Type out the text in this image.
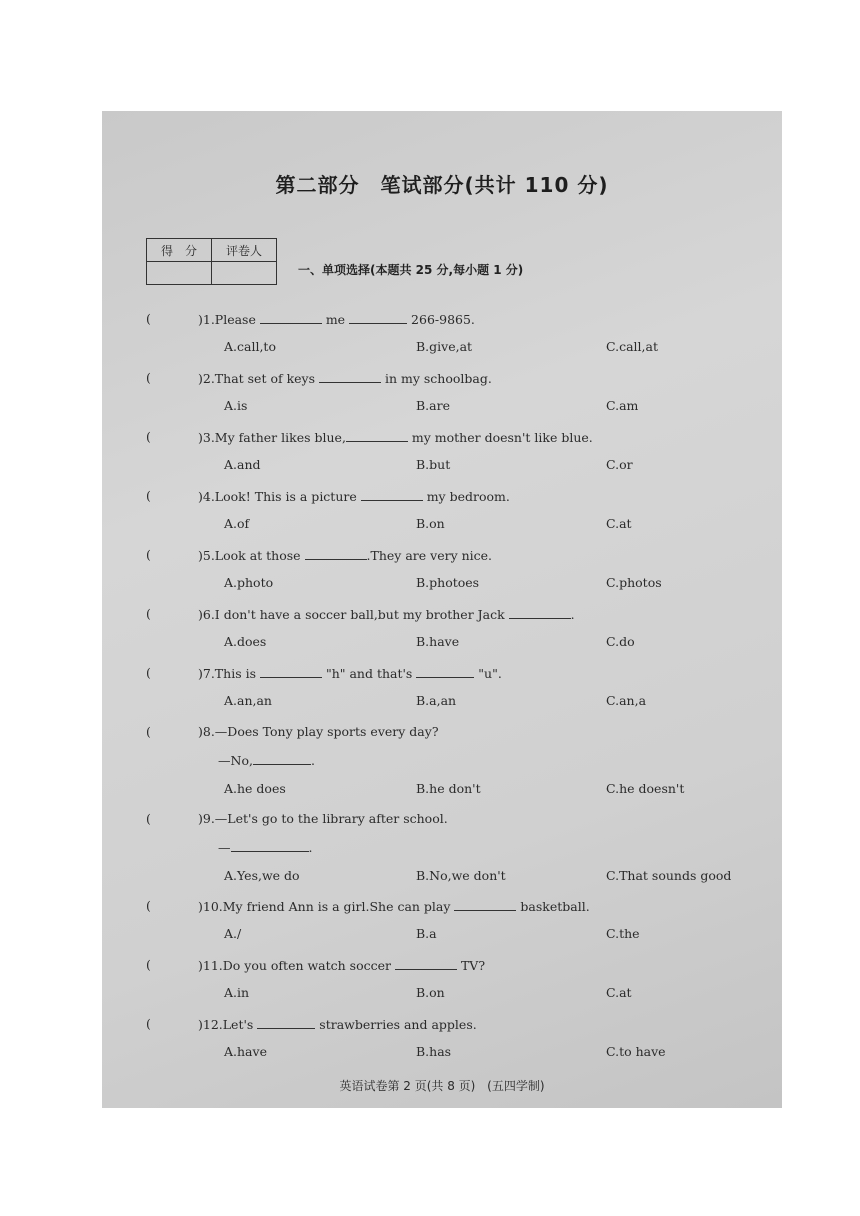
第二部分　笔试部分(共计 110 分)
得　分	评卷人

一、单项选择(本题共 25 分,每小题 1 分)
(	)1.Please	me	266-9865.
A.call,to	B.give,at	C.call,at
(	)2.That set of keys	in my schoolbag.
A.is	B.are	C.am
(	)3.My father likes blue,	my mother doesn't like blue.
A.and	B.but	C.or
(	)4.Look! This is a picture	my bedroom.
A.of	B.on	C.at
(	)5.Look at those	.They are very nice.
A.photo	B.photoes	C.photos
(	)6.I don't have a soccer ball,but my brother Jack	.
A.does	B.have	C.do
(	)7.This is	"h" and that's	"u".
A.an,an	B.a,an	C.an,a
(	)8.—Does Tony play sports every day?
—No,	.
A.he does	B.he don't	C.he doesn't
(	)9.—Let's go to the library after school.
—	.
A.Yes,we do	B.No,we don't	C.That sounds good
(	)10.My friend Ann is a girl.She can play	basketball.
A./	B.a	C.the
(	)11.Do you often watch soccer	TV?
A.in	B.on	C.at
(	)12.Let's	strawberries and apples.
A.have	B.has	C.to have
英语试卷第 2 页(共 8 页) (五四学制)
